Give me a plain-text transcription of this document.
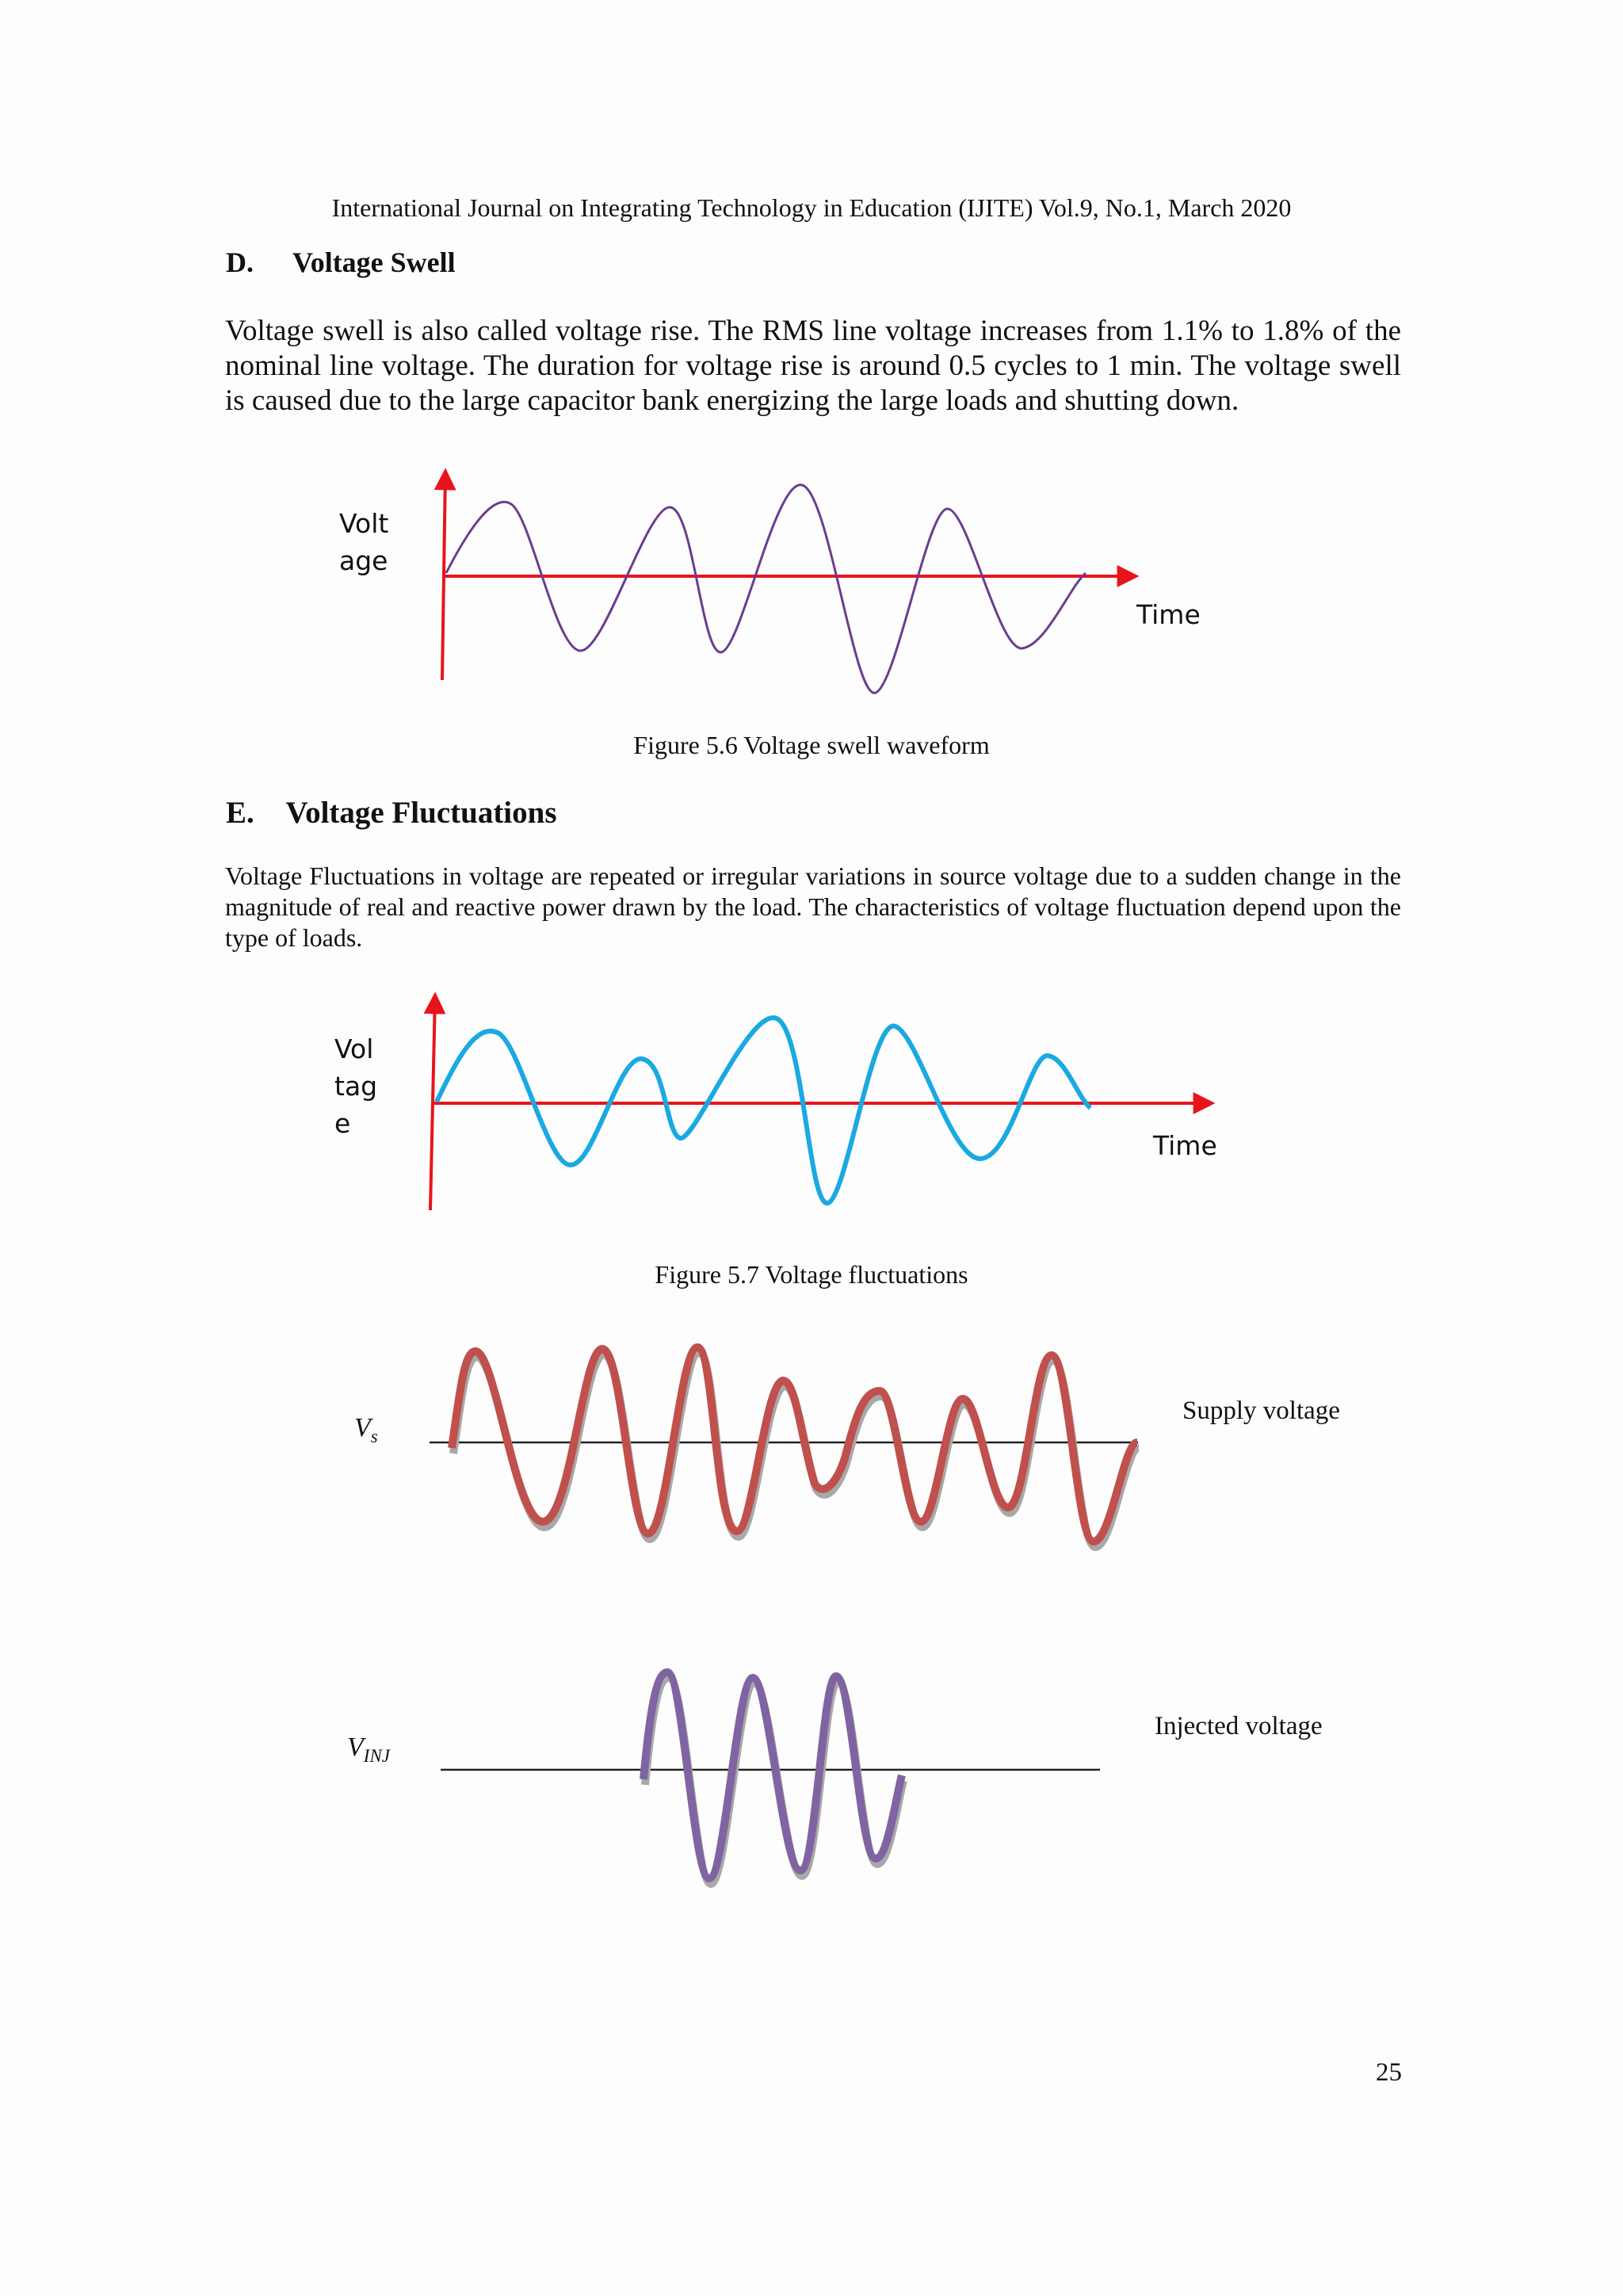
International Journal on Integrating Technology in Education (IJITE) Vol.9, No.1, March 2020
D. Voltage Swell
Voltage swell is also called voltage rise. The RMS line voltage increases from 1.1% to 1.8% of the nominal line voltage. The duration for voltage rise is around 0.5 cycles to 1 min. The voltage swell is caused due to the large capacitor bank energizing the large loads and shutting down.
Volt
age
Time
Figure 5.6 Voltage swell waveform
E. Voltage Fluctuations
Voltage Fluctuations in voltage are repeated or irregular variations in source voltage due to a sudden change in the magnitude of real and reactive power drawn by the load. The characteristics of voltage fluctuation depend upon the type of loads.
Vol
tag
e
Time
Figure 5.7 Voltage fluctuations
$V_s$
Supply voltage
$V_{INJ}$
Injected voltage
25
